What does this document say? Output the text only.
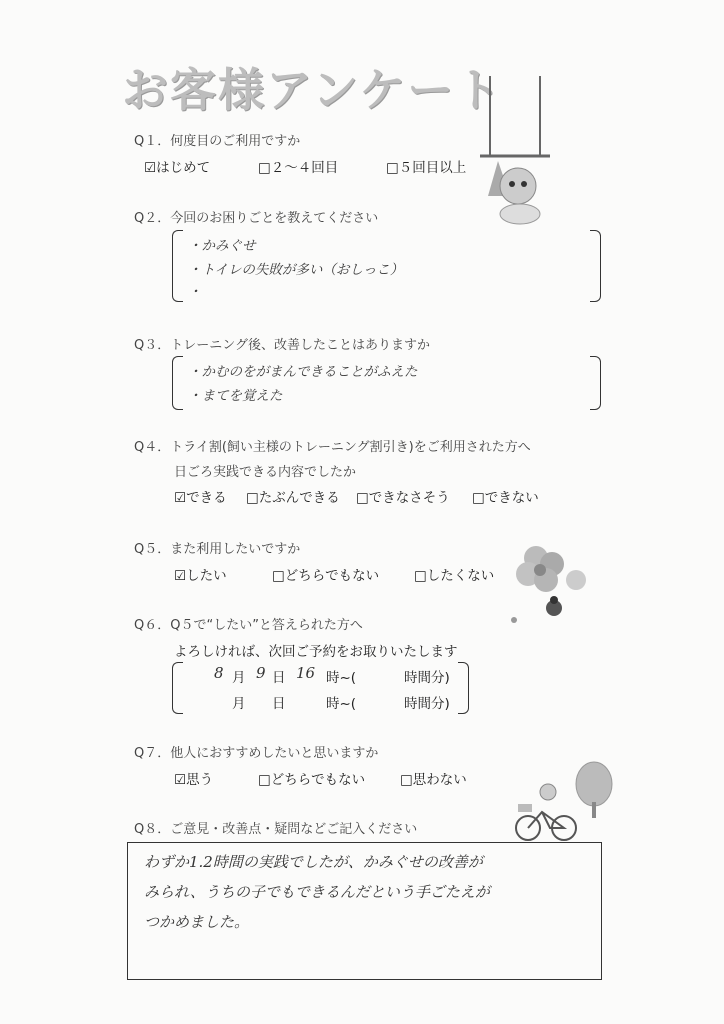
お客様アンケート
Q１．何度目のご利用ですか
☑はじめて	□２～４回目	□５回目以上
Q２．今回のお困りごとを教えてください
・かみぐせ
・トイレの失敗が多い（おしっこ）
・
Q３．トレーニング後、改善したことはありますか
・かむのをがまんできることがふえた
・まてを覚えた
Q４．トライ割(飼い主様のトレーニング割引き)をご利用された方へ
日ごろ実践できる内容でしたか
☑できる □たぶんできる □できなさそう □できない
Q５．また利用したいですか
☑したい	□どちらでもない	□したくない
Q６．Q５で“したい”と答えられた方へ
よろしければ、次回ご予約をお取りいたします
8 月 9 日 16 時~(	時間分)
月 日	時~(	時間分)
Q７．他人におすすめしたいと思いますか
☑思う	□どちらでもない	□思わない
Q８．ご意見・改善点・疑問などご記入ください
わずか1.2時間の実践でしたが、かみぐせの改善が
みられ、うちの子でもできるんだという手ごたえが
つかめました。
